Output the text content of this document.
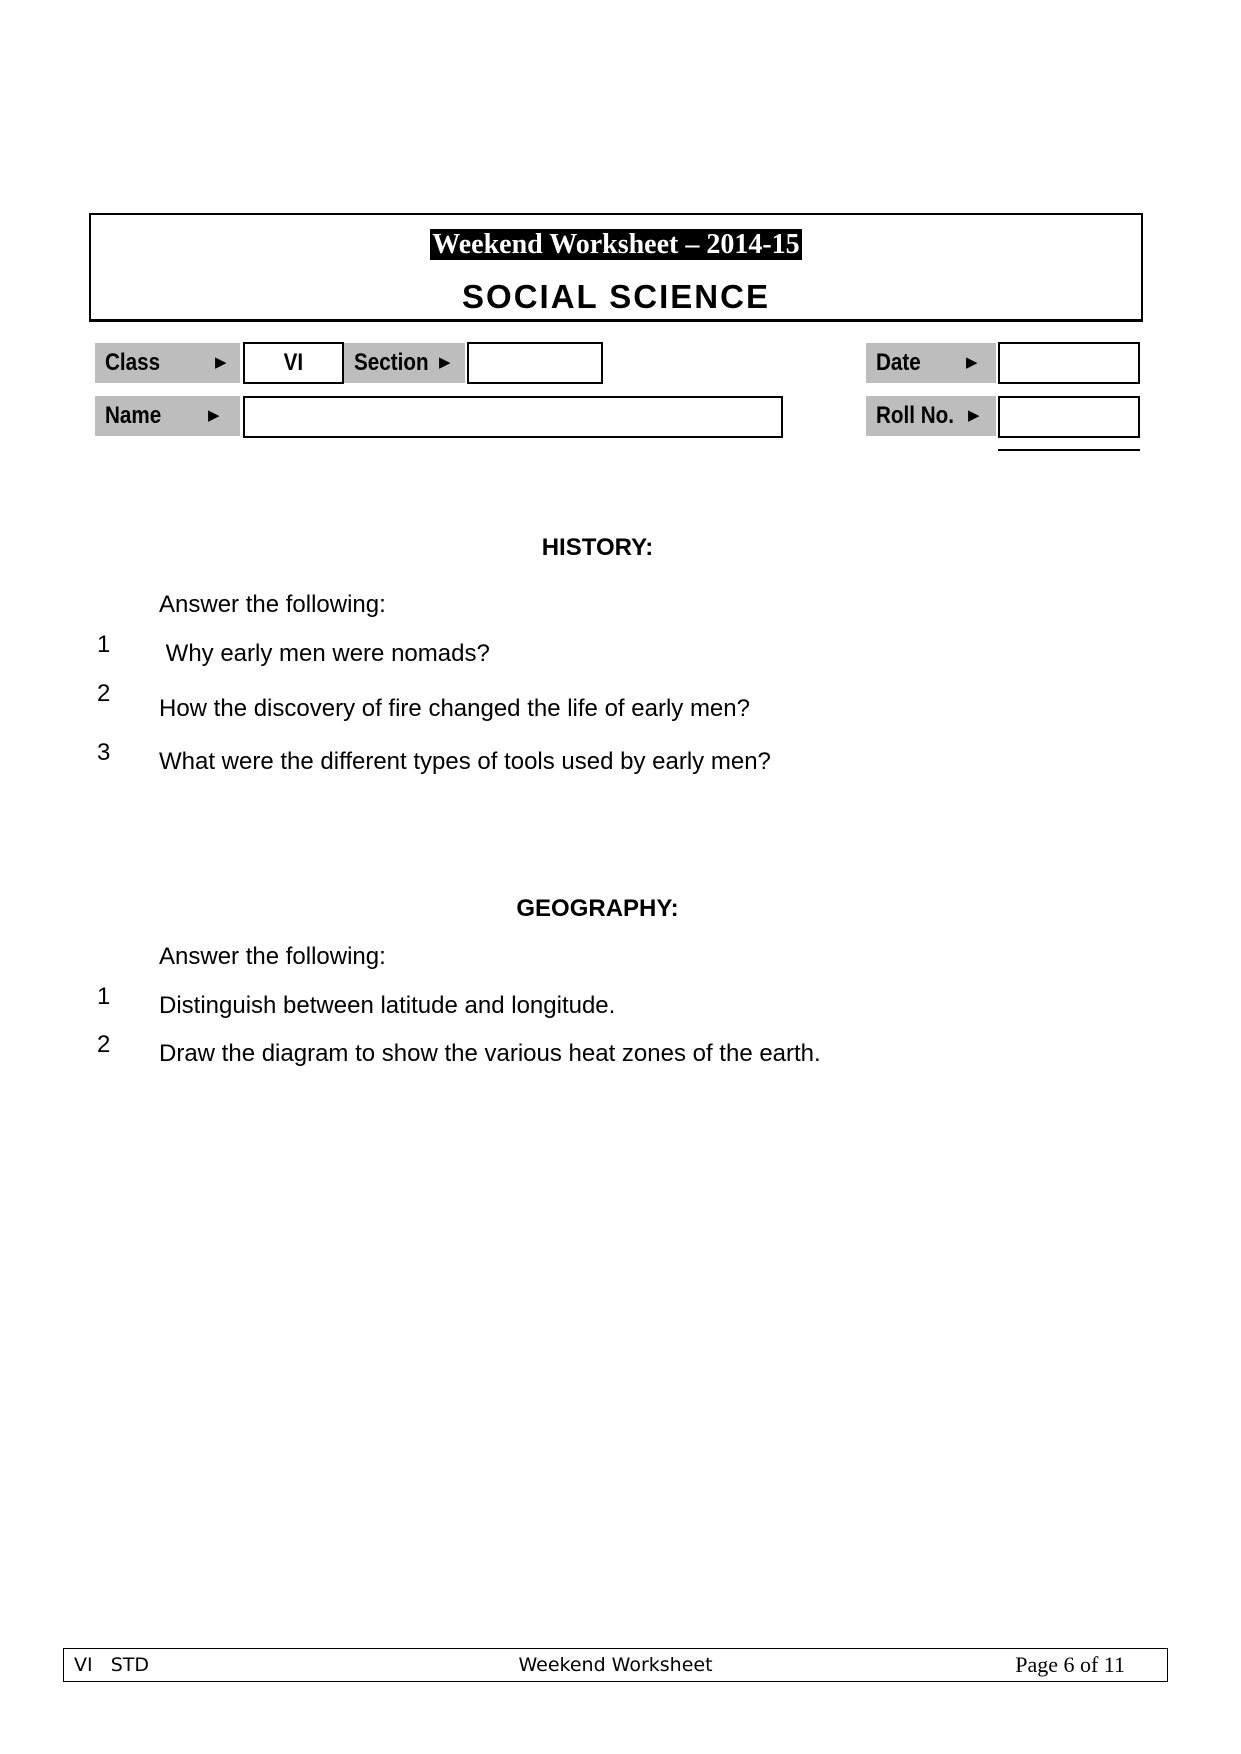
Weekend Worksheet – 2014-15
SOCIAL SCIENCE
Class	▶	VI	Section ▶	Date	▶
Name	▶	Roll No. ▶
HISTORY:
Answer the following:
1 Why early men were nomads?
2
How the discovery of fire changed the life of early men?
3 What were the different types of tools used by early men?
GEOGRAPHY:
Answer the following:
1 Distinguish between latitude and longitude.
2 Draw the diagram to show the various heat zones of the earth.
VI   STD	Weekend Worksheet	Page 6 of 11
